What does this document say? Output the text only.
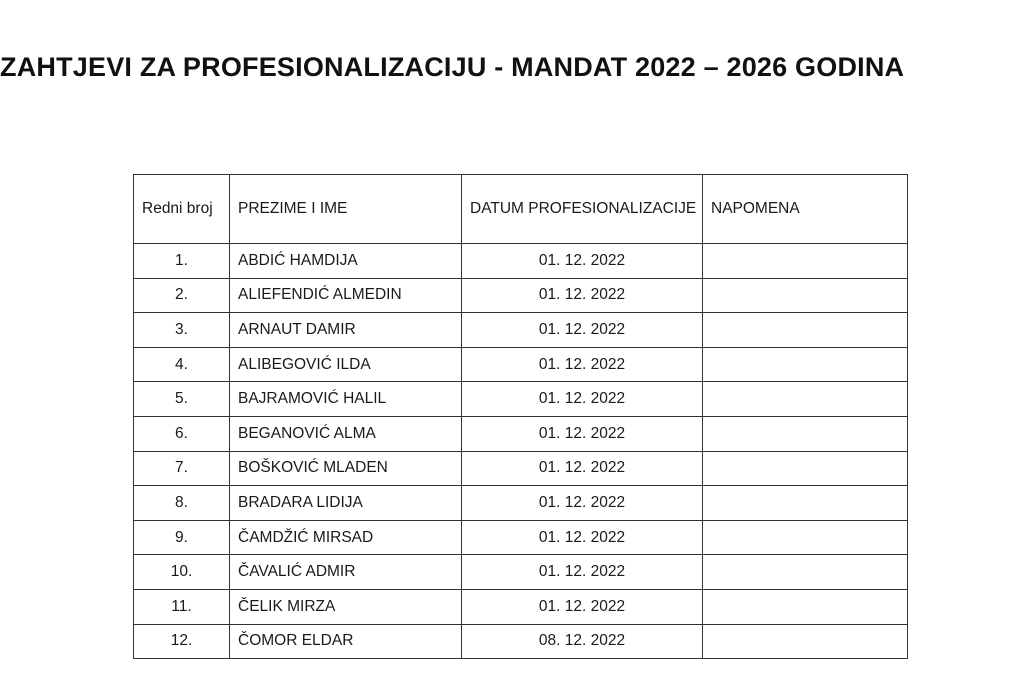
ZAHTJEVI ZA PROFESIONALIZACIJU - MANDAT 2022 – 2026 GODINA
Redni broj	PREZIME I IME	DATUM PROFESIONALIZACIJE	NAPOMENA
1.	ABDIĆ HAMDIJA	01. 12. 2022	
2.	ALIEFENDIĆ ALMEDIN	01. 12. 2022	
3.	ARNAUT DAMIR	01. 12. 2022	
4.	ALIBEGOVIĆ ILDA	01. 12. 2022	
5.	BAJRAMOVIĆ HALIL	01. 12. 2022	
6.	BEGANOVIĆ ALMA	01. 12. 2022	
7.	BOŠKOVIĆ MLADEN	01. 12. 2022	
8.	BRADARA LIDIJA	01. 12. 2022	
9.	ČAMDŽIĆ MIRSAD	01. 12. 2022	
10.	ČAVALIĆ ADMIR	01. 12. 2022	
11.	ČELIK MIRZA	01. 12. 2022	
12.	ČOMOR ELDAR	08. 12. 2022	
